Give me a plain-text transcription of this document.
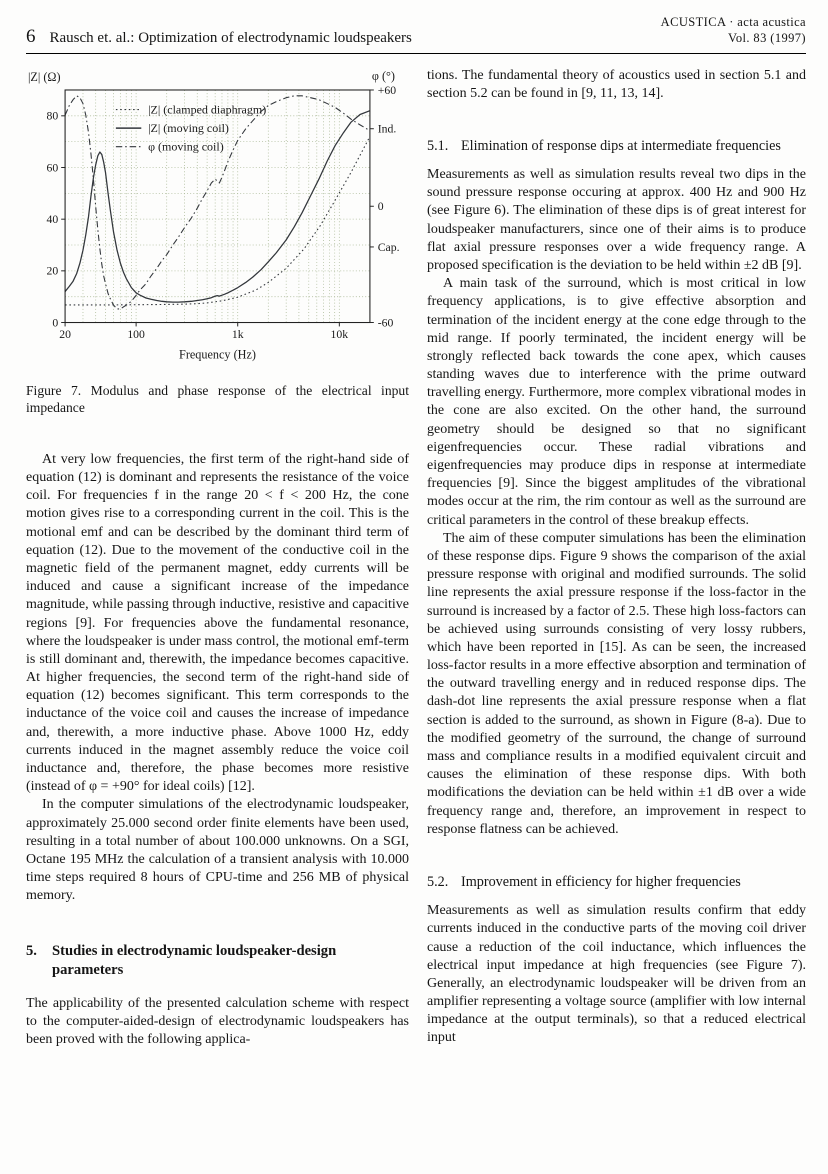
6 Rausch et. al.: Optimization of electrodynamic loudspeakers
ACUSTICA · acta acustica
Vol. 83 (1997)
|Z| (Ω)	φ (°)
Frequency (Hz)
20	100	1k	10k
0
20
40
60
80
+60
Ind.
0
Cap.
-60
|Z| (clamped diaphragm)
|Z| (moving coil)
φ (moving coil)
Figure 7. Modulus and phase response of the electrical input impedance

At very low frequencies, the first term of the right-hand side of equation (12) is dominant and represents the resistance of the voice coil. For frequencies f in the range 20 < f < 200 Hz, the cone motion gives rise to a corresponding current in the coil. This is the motional emf and can be described by the dominant third term of equation (12). Due to the movement of the conductive coil in the magnetic field of the permanent magnet, eddy currents will be induced and cause a significant increase of the impedance magnitude, while passing through inductive, resistive and capacitive regions [9]. For frequencies above the fundamental resonance, where the loudspeaker is under mass control, the motional emf-term is still dominant and, therewith, the impedance becomes capacitive. At higher frequencies, the second term of the right-hand side of equation (12) becomes significant. This term corresponds to the inductance of the voice coil and causes the increase of impedance and, therewith, a more inductive phase. Above 1000 Hz, eddy currents induced in the magnet assembly reduce the voice coil inductance and, therefore, the phase becomes more resistive (instead of φ = +90° for ideal coils) [12].

In the computer simulations of the electrodynamic loudspeaker, approximately 25.000 second order finite elements have been used, resulting in a total number of about 100.000 unknowns. On a SGI, Octane 195 MHz the calculation of a transient analysis with 10.000 time steps required 8 hours of CPU-time and 256 MB of physical memory.

5.	Studies in electrodynamic loudspeaker-design parameters

The applicability of the presented calculation scheme with respect to the computer-aided-design of electrodynamic loudspeakers has been proved with the following applica-

tions. The fundamental theory of acoustics used in section 5.1 and section 5.2 can be found in [9, 11, 13, 14].

5.1. Elimination of response dips at intermediate frequencies

Measurements as well as simulation results reveal two dips in the sound pressure response occuring at approx. 400 Hz and 900 Hz (see Figure 6). The elimination of these dips is of great interest for loudspeaker manufacturers, since one of their aims is to produce flat axial pressure responses over a wide frequency range. A proposed specification is the deviation to be held within ±2 dB [9].

A main task of the surround, which is most critical in low frequency applications, is to give effective absorption and termination of the incident energy at the cone edge through to the mid range. If poorly terminated, the incident energy will be strongly reflected back towards the cone apex, which causes standing waves due to interference with the prime outward travelling energy. Furthermore, more complex vibrational modes in the cone are also excited. On the other hand, the surround geometry should be designed so that no significant eigenfrequencies occur. These radial vibrations and eigenfrequencies may produce dips in response at intermediate frequencies [9]. Since the biggest amplitudes of the vibrational modes occur at the rim, the rim contour as well as the surround are critical parameters in the control of these breakup effects.

The aim of these computer simulations has been the elimination of these response dips. Figure 9 shows the comparison of the axial pressure response with original and modified surrounds. The solid line represents the axial pressure response if the loss-factor in the surround is increased by a factor of 2.5. These high loss-factors can be achieved using surrounds consisting of very lossy rubbers, which have been reported in [15]. As can be seen, the increased loss-factor results in a more effective absorption and termination of the outward travelling energy and in reduced response dips. The dash-dot line represents the axial pressure response when a flat section is added to the surround, as shown in Figure (8-a). Due to the modified geometry of the surround, the change of surround mass and compliance results in a modified equivalent circuit and causes the elimination of these response dips. With both modifications the deviation can be held within ±1 dB over a wide frequency range and, therefore, an improvement in respect to response flatness can be achieved.

5.2. Improvement in efficiency for higher frequencies

Measurements as well as simulation results confirm that eddy currents induced in the conductive parts of the moving coil driver cause a reduction of the coil inductance, which influences the electrical input impedance at high frequencies (see Figure 7). Generally, an electrodynamic loudspeaker will be driven from an amplifier representing a voltage source (amplifier with low internal impedance at the output terminals), so that a reduced electrical input
